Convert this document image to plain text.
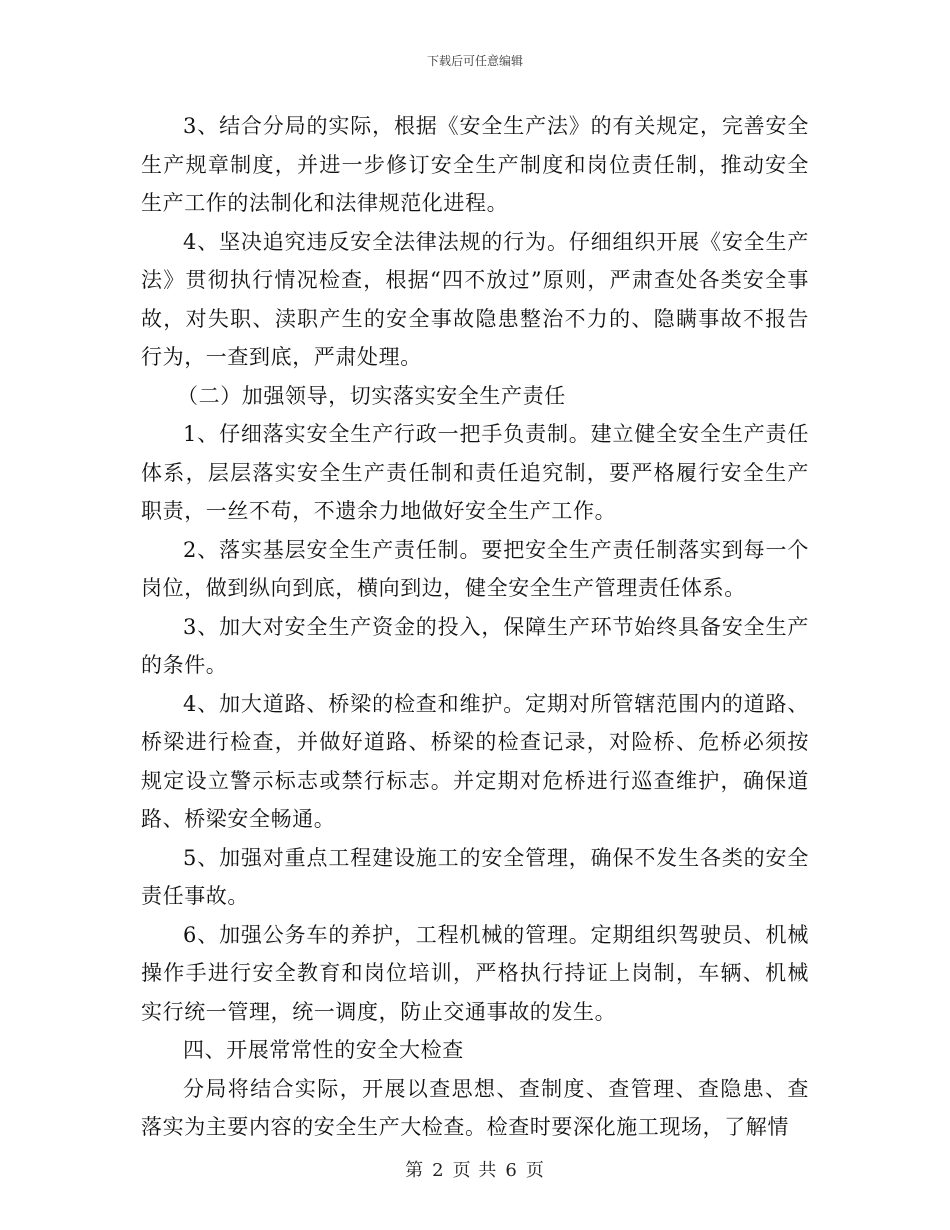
下载后可任意编辑

3、结合分局的实际，根据《安全生产法》的有关规定，完善安全生产规章制度，并进一步修订安全生产制度和岗位责任制，推动安全生产工作的法制化和法律规范化进程。

4、坚决追究违反安全法律法规的行为。仔细组织开展《安全生产法》贯彻执行情况检查，根据“四不放过”原则，严肃查处各类安全事故，对失职、渎职产生的安全事故隐患整治不力的、隐瞒事故不报告行为，一查到底，严肃处理。

（二）加强领导，切实落实安全生产责任

1、仔细落实安全生产行政一把手负责制。建立健全安全生产责任体系，层层落实安全生产责任制和责任追究制，要严格履行安全生产职责，一丝不苟，不遗余力地做好安全生产工作。

2、落实基层安全生产责任制。要把安全生产责任制落实到每一个岗位，做到纵向到底，横向到边，健全安全生产管理责任体系。

3、加大对安全生产资金的投入，保障生产环节始终具备安全生产的条件。

4、加大道路、桥梁的检查和维护。定期对所管辖范围内的道路、桥梁进行检查，并做好道路、桥梁的检查记录，对险桥、危桥必须按规定设立警示标志或禁行标志。并定期对危桥进行巡查维护，确保道路、桥梁安全畅通。

5、加强对重点工程建设施工的安全管理，确保不发生各类的安全责任事故。

6、加强公务车的养护，工程机械的管理。定期组织驾驶员、机械操作手进行安全教育和岗位培训，严格执行持证上岗制，车辆、机械实行统一管理，统一调度，防止交通事故的发生。

四、开展常常性的安全大检查

分局将结合实际，开展以查思想、查制度、查管理、查隐患、查落实为主要内容的安全生产大检查。检查时要深化施工现场，了解情

第 2 页 共 6 页
